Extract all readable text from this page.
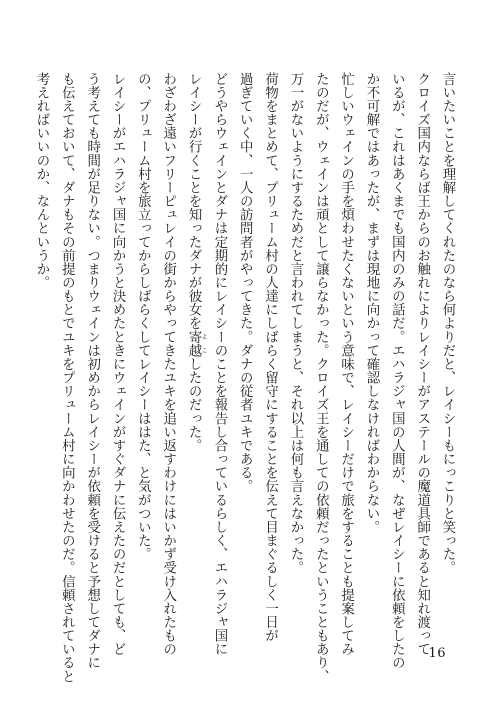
言いたいことを理解してくれたのなら何よりだと、レイシーもにっこりと笑った。
クロイズ国内ならば王からのお触れによりレイシーがアステールの魔道具師であると知れ渡って
いるが、これはあくまでも国内のみの話だ。エハラジャ国の人間が、なぜレイシーに依頼をしたの
か不可解ではあったが、まずは現地に向かって確認しなければわからない。
忙しいウェインの手を煩わせたくないという意味で、レイシーだけで旅をすることも提案してみ
たのだが、ウェインは頑として譲らなかった。クロイズ王を通しての依頼だったということもあり、
万一がないようにするためだと言われてしまうと、それ以上は何も言えなかった。
荷物をまとめて、プリューム村の人達にしばらく留守にすることを伝えて目まぐるしく一日が
過ぎていく中、一人の訪問者がやってきた。ダナの従者ユキである。
どうやらウェインとダナは定期的にレイシーのことを報告し合っているらしく、エハラジャ国に
レイシーが行くことを知ったダナが彼女を寄越 よこしたのだった。
わざわざ遠いフリーピュレイの街からやってきたユキを追い返すわけにはいかず受け入れたもの
の、プリューム村を旅立ってからしばらくしてレイシーははた、と気がついた。
レイシーがエハラジャ国に向かうと決めたときにウェインがすぐダナに伝えたのだとしても、ど
う考えても時間が足りない。つまりウェインは初めからレイシーが依頼を受けると予想してダナに
も伝えておいて、ダナもその前提のもとでユキをプリューム村に向かわせたのだ。信頼されていると
考えればいいのか、なんというか。
16
